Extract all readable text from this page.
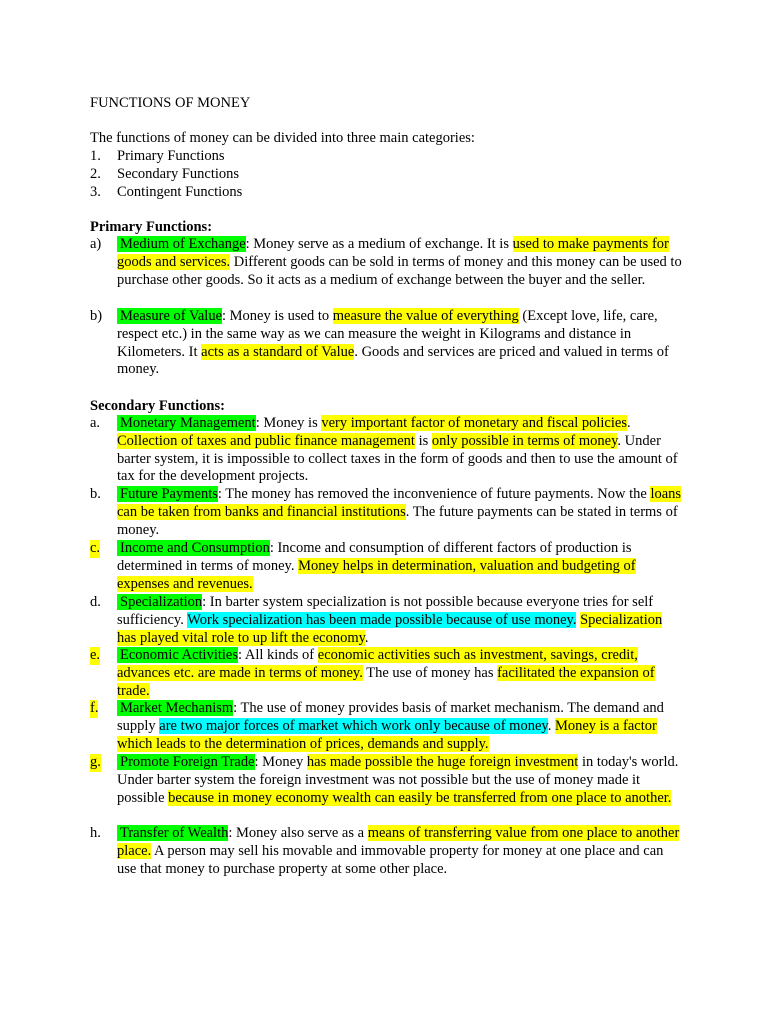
FUNCTIONS OF MONEY
The functions of money can be divided into three main categories:
1. Primary Functions
2. Secondary Functions
3. Contingent Functions
Primary Functions:
a) Medium of Exchange: Money serve as a medium of exchange. It is used to make payments for goods and services. Different goods can be sold in terms of money and this money can be used to purchase other goods. So it acts as a medium of exchange between the buyer and the seller.
b) Measure of Value: Money is used to measure the value of everything (Except love, life, care, respect etc.) in the same way as we can measure the weight in Kilograms and distance in Kilometers. It acts as a standard of Value. Goods and services are priced and valued in terms of money.
Secondary Functions:
a. Monetary Management: Money is very important factor of monetary and fiscal policies. Collection of taxes and public finance management is only possible in terms of money. Under barter system, it is impossible to collect taxes in the form of goods and then to use the amount of tax for the development projects.
b. Future Payments: The money has removed the inconvenience of future payments. Now the loans can be taken from banks and financial institutions. The future payments can be stated in terms of money.
c. Income and Consumption: Income and consumption of different factors of production is determined in terms of money. Money helps in determination, valuation and budgeting of expenses and revenues.
d. Specialization: In barter system specialization is not possible because everyone tries for self sufficiency. Work specialization has been made possible because of use money. Specialization has played vital role to up lift the economy.
e. Economic Activities: All kinds of economic activities such as investment, savings, credit, advances etc. are made in terms of money. The use of money has facilitated the expansion of trade.
f. Market Mechanism: The use of money provides basis of market mechanism. The demand and supply are two major forces of market which work only because of money. Money is a factor which leads to the determination of prices, demands and supply.
g. Promote Foreign Trade: Money has made possible the huge foreign investment in today's world. Under barter system the foreign investment was not possible but the use of money made it possible because in money economy wealth can easily be transferred from one place to another.
h. Transfer of Wealth: Money also serve as a means of transferring value from one place to another place. A person may sell his movable and immovable property for money at one place and can use that money to purchase property at some other place.
